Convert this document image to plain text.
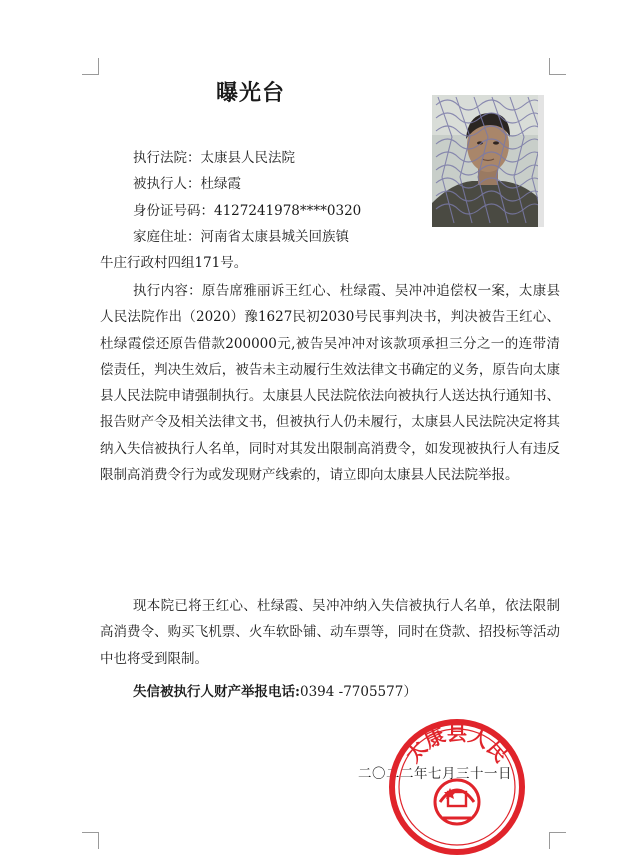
曝光台
执行法院：太康县人民法院
被执行人：杜绿霞
身份证号码：4127241978****0320
家庭住址：河南省太康县城关回族镇
牛庄行政村四组171号。
执行内容：原告席雅丽诉王红心、杜绿霞、吴冲冲追偿权一案，太康县人民法院作出（2020）豫1627民初2030号民事判决书，判决被告王红心、杜绿霞偿还原告借款200000元,被告吴冲冲对该款项承担三分之一的连带清偿责任，判决生效后，被告未主动履行生效法律文书确定的义务，原告向太康县人民法院申请强制执行。太康县人民法院依法向被执行人送达执行通知书、报告财产令及相关法律文书，但被执行人仍未履行，太康县人民法院决定将其纳入失信被执行人名单，同时对其发出限制高消费令，如发现被执行人有违反限制高消费令行为或发现财产线索的，请立即向太康县人民法院举报。
现本院已将王红心、杜绿霞、吴冲冲纳入失信被执行人名单，依法限制高消费令、购买飞机票、火车软卧铺、动车票等，同时在贷款、招投标等活动中也将受到限制。
失信被执行人财产举报电话:0394 -7705577）
二〇二二年七月三十一日
太康县人民
